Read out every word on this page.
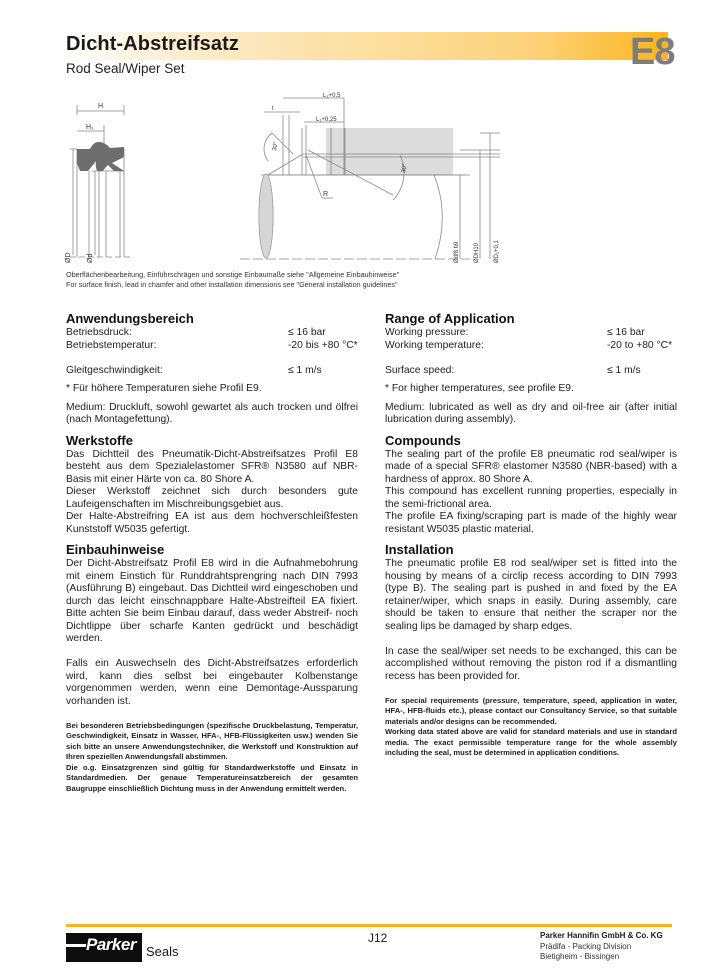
Dicht-Abstreifsatz
Rod Seal/Wiper Set	E8
H
H₁
ØD Ød
L₂+0,5
L₁+0,25
t
R
30°
30°
Ødf8 h9 ØDH10 ØD₁+0,1
Oberflächenbearbeitung, Einführschrägen und sonstige Einbaumaße siehe "Allgemeine Einbauhinweise"
For surface finish, lead in chamfer and other installation dimensions see "General installation guidelines"
Anwendungsbereich
Betriebsdruck:	≤ 16 bar
Betriebstemperatur:	-20 bis +80 °C*
Gleitgeschwindigkeit:	≤ 1 m/s
* Für höhere Temperaturen siehe Profil E9.
Medium: Druckluft, sowohl gewartet als auch trocken und ölfrei (nach Montagefettung).
Werkstoffe
Das Dichtteil des Pneumatik-Dicht-Abstreifsatzes Profil E8 besteht aus dem Spezialelastomer SFR® N3580 auf NBR-Basis mit einer Härte von ca. 80 Shore A.
Dieser Werkstoff zeichnet sich durch besonders gute Laufeigenschaften im Mischreibungsgebiet aus.
Der Halte-Abstreifring EA ist aus dem hochverschleißfesten Kunststoff W5035 gefertigt.
Einbauhinweise
Der Dicht-Abstreifsatz Profil E8 wird in die Aufnahmebohrung mit einem Einstich für Runddrahtsprengring nach DIN 7993 (Ausführung B) eingebaut. Das Dichtteil wird eingeschoben und durch das leicht einschnappbare Halte-Abstreifteil EA fixiert. Bitte achten Sie beim Einbau darauf, dass weder Abstreif- noch Dichtlippe über scharfe Kanten gedrückt und beschädigt werden.
Falls ein Auswechseln des Dicht-Abstreifsatzes erforderlich wird, kann dies selbst bei eingebauter Kolbenstange vorgenommen werden, wenn eine Demontage-Aussparung vorhanden ist.
Bei besonderen Betriebsbedingungen (spezifische Druckbelastung, Temperatur, Geschwindigkeit, Einsatz in Wasser, HFA-, HFB-Flüssigkeiten usw.) wenden Sie sich bitte an unsere Anwendungstechniker, die Werkstoff und Konstruktion auf Ihren speziellen Anwendungsfall abstimmen.
Die o.g. Einsatzgrenzen sind gültig für Standardwerkstoffe und Einsatz in Standardmedien. Der genaue Temperatureinsatzbereich der gesamten Baugruppe einschließlich Dichtung muss in der Anwendung ermittelt werden.
Range of Application
Working pressure:	≤ 16 bar
Working temperature:	-20 to +80 °C*
Surface speed:	≤ 1 m/s
* For higher temperatures, see profile E9.
Medium: lubricated as well as dry and oil-free air (after initial lubrication during assembly).
Compounds
The sealing part of the profile E8 pneumatic rod seal/wiper is made of a special SFR® elastomer N3580 (NBR-based) with a hardness of approx. 80 Shore A.
This compound has excellent running properties, especially in the semi-frictional area.
The profile EA fixing/scraping part is made of the highly wear resistant W5035 plastic material.
Installation
The pneumatic profile E8 rod seal/wiper set is fitted into the housing by means of a circlip recess according to DIN 7993 (type B). The sealing part is pushed in and fixed by the EA retainer/wiper, which snaps in easily. During assembly, care should be taken to ensure that neither the scraper nor the sealing lips be damaged by sharp edges.
In case the seal/wiper set needs to be exchanged, this can be accomplished without removing the piston rod if a dismantling recess has been provided for.
For special requirements (pressure, temperature, speed, application in water, HFA-, HFB-fluids etc.), please contact our Consultancy Service, so that suitable materials and/or designs can be recommended.
Working data stated above are valid for standard materials and use in standard media. The exact permissible temperature range for the whole assembly including the seal, must be determined in application conditions.
Parker Seals
J12	Parker Hannifin GmbH & Co. KG
Prädifa - Packing Division
Bietigheim - Bissingen
